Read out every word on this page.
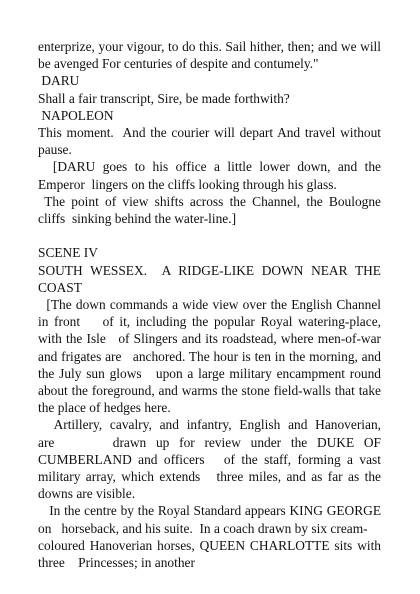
enterprize, your vigour, to do this. Sail hither, then; and we will be avenged For centuries of despite and contumely."

DARU

Shall a fair transcript, Sire, be made forthwith?

NAPOLEON

This moment.  And the courier will depart And travel without pause.

[DARU goes to his office a little lower down, and the Emperor  lingers on the cliffs looking through his glass.

The point of view shifts across the Channel, the Boulogne cliffs  sinking behind the water-line.]

SCENE IV

SOUTH WESSEX.  A RIDGE-LIKE DOWN NEAR THE COAST

[The down commands a wide view over the English Channel in front    of it, including the popular Royal watering-place, with the Isle   of Slingers and its roadstead, where men-of-war and frigates are   anchored. The hour is ten in the morning, and the July sun glows   upon a large military encampment round about the foreground, and warms the stone field-walls that take the place of hedges here.

Artillery, cavalry, and infantry, English and Hanoverian, are      drawn up for review under the DUKE OF CUMBERLAND and officers   of the staff, forming a vast military array, which extends   three miles, and as far as the downs are visible.

In the centre by the Royal Standard appears KING GEORGE on   horseback, and his suite.  In a coach drawn by six cream-     coloured Hanoverian horses, QUEEN CHARLOTTE sits with three    Princesses; in another
